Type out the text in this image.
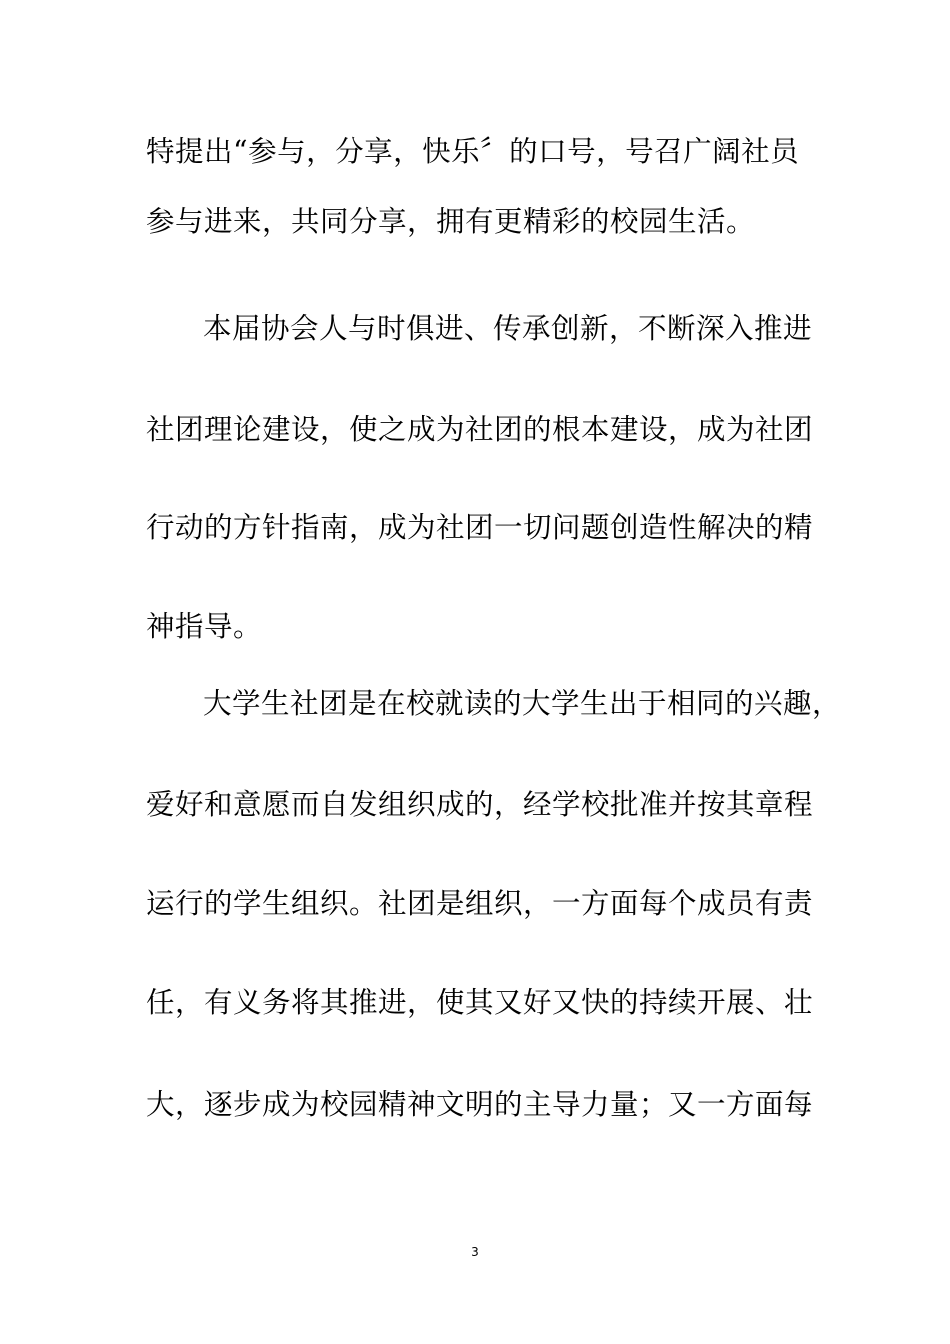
特提出“参与，分享，快乐〞的口号，号召广阔社员
参与进来，共同分享，拥有更精彩的校园生活。
本届协会人与时俱进、传承创新，不断深入推进
社团理论建设，使之成为社团的根本建设，成为社团
行动的方针指南，成为社团一切问题创造性解决的精
神指导。
大学生社团是在校就读的大学生出于相同的兴趣，
爱好和意愿而自发组织成的，经学校批准并按其章程
运行的学生组织。社团是组织，一方面每个成员有责
任，有义务将其推进，使其又好又快的持续开展、壮
大，逐步成为校园精神文明的主导力量；又一方面每
3
